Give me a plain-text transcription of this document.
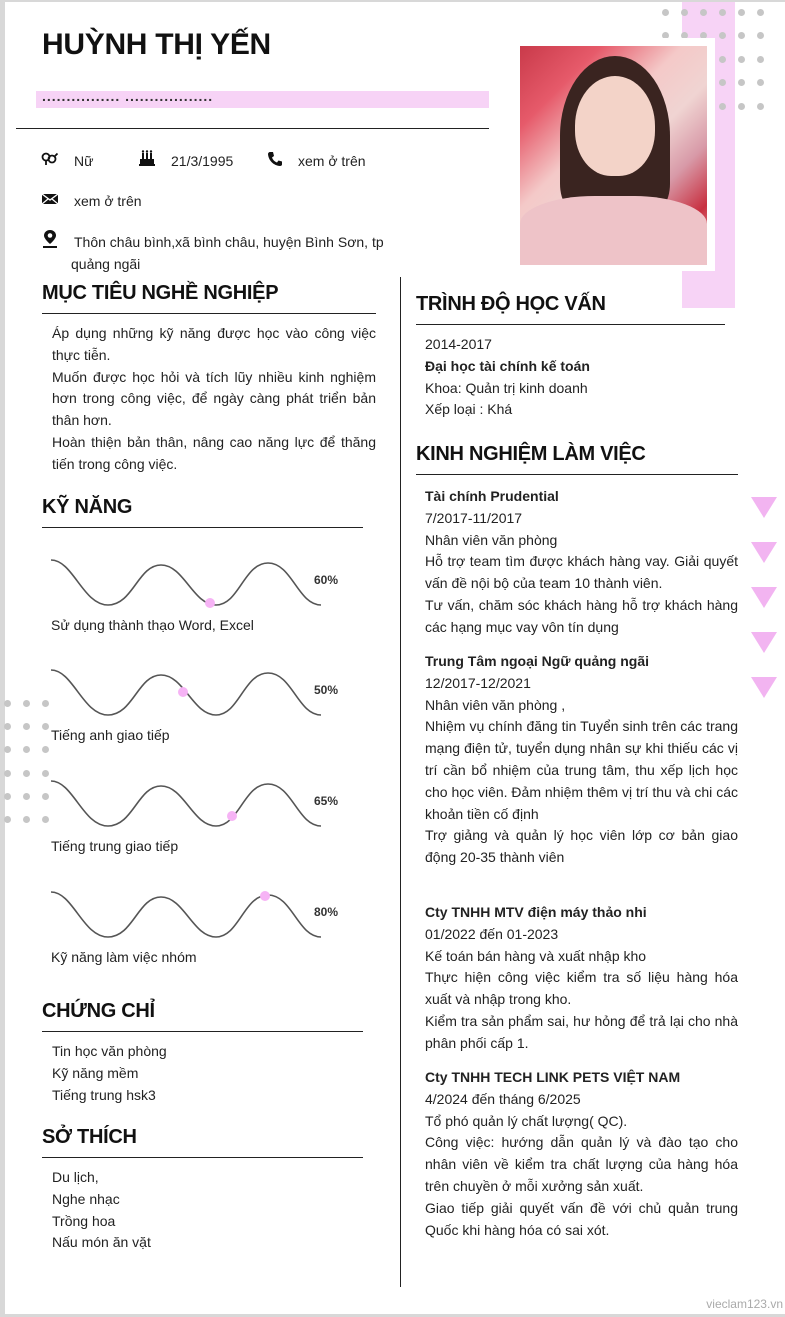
HUỲNH THỊ YẾN
................ ..................
Nữ	21/3/1995	xem ở trên
xem ở trên
Thôn châu bình,xã bình châu, huyện Bình Sơn, tp quảng ngãi
MỤC TIÊU NGHỀ NGHIỆP

Áp dụng những kỹ năng được học vào công việc thực tiễn.

Muốn được học hỏi và tích lũy nhiều kinh nghiệm hơn trong công việc, để ngày càng phát triển bản thân hơn.

Hoàn thiện bản thân, nâng cao năng lực để thăng tiến trong công việc.

KỸ NĂNG
60%
Sử dụng thành thạo Word, Excel
50%
Tiếng anh giao tiếp
65%
Tiếng trung giao tiếp
80%
Kỹ năng làm việc nhóm
CHỨNG CHỈ

Tin học văn phòng

Kỹ năng mềm

Tiếng trung hsk3

SỞ THÍCH

Du lịch,

Nghe nhạc

Trồng hoa

Nấu món ăn vặt

TRÌNH ĐỘ HỌC VẤN

2014-2017

Đại học tài chính kế toán

Khoa: Quản trị kinh doanh

Xếp loại : Khá

KINH NGHIỆM LÀM VIỆC

Tài chính Prudential

7/2017-11/2017

Nhân viên văn phòng

Hỗ trợ team tìm được khách hàng vay. Giải quyết vấn đề nội bộ của team 10 thành viên.

Tư vấn, chăm sóc khách hàng hỗ trợ khách hàng các hạng mục vay vôn tín dụng

Trung Tâm ngoại Ngữ quảng ngãi

12/2017-12/2021

Nhân viên văn phòng ,

Nhiệm vụ chính đăng tin Tuyển sinh trên các trang mạng điện tử, tuyển dụng nhân sự khi thiếu các vị trí cần bổ nhiệm của trung tâm, thu xếp lịch học cho học viên. Đảm nhiệm thêm vị trí thu và chi các khoản tiền cố định

Trợ giảng và quản lý học viên lớp cơ bản giao động 20-35 thành viên

Cty TNHH MTV điện máy thảo nhi

01/2022 đến 01-2023

Kế toán bán hàng và xuất nhập kho

Thực hiện công việc kiểm tra số liệu hàng hóa xuất và nhập trong kho.

Kiểm tra sản phẩm sai, hư hỏng để trả lại cho nhà phân phối cấp 1.

Cty TNHH TECH LINK PETS VIỆT NAM

4/2024 đến tháng 6/2025

Tổ phó quản lý chất lượng( QC).

Công việc: hướng dẫn quản lý và đào tạo cho nhân viên về kiểm tra chất lượng của hàng hóa trên chuyền ở mỗi xưởng sản xuất.

Giao tiếp giải quyết vấn đề với chủ quản trung Quốc khi hàng hóa có sai xót.

vieclam123.vn
